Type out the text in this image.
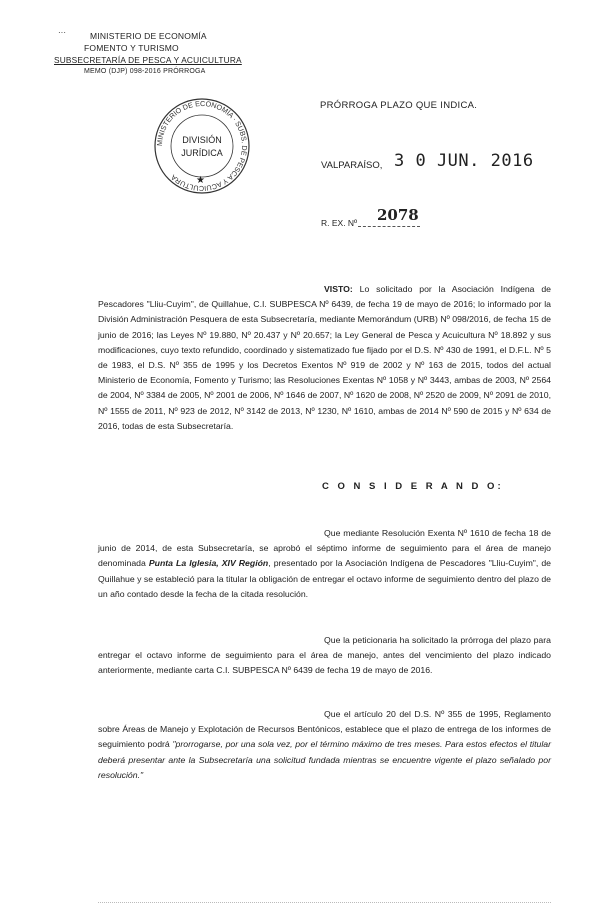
···	MINISTERIO DE ECONOMÍA
FOMENTO Y TURISMO
SUBSECRETARÍA DE PESCA Y ACUICULTURA
MEMO (DJP) 098-2016 PRÓRROGA
MINISTERIO DE ECONOMÍA · SUBS. DE PESCA Y ACUICULTURA
DIVISIÓN
JURÍDICA
★
PRÓRROGA PLAZO QUE INDICA.
VALPARAÍSO, 3 0 JUN. 2016
R. EX. Nº 2078
VISTO: Lo solicitado por la Asociación Indígena de Pescadores "Lliu-Cuyim", de Quillahue, C.I. SUBPESCA Nº 6439, de fecha 19 de mayo de 2016; lo informado por la División Administración Pesquera de esta Subsecretaría, mediante Memorándum (URB) Nº 098/2016, de fecha 15 de junio de 2016; las Leyes Nº 19.880, Nº 20.437 y Nº 20.657; la Ley General de Pesca y Acuicultura Nº 18.892 y sus modificaciones, cuyo texto refundido, coordinado y sistematizado fue fijado por el D.S. Nº 430 de 1991, el D.F.L. Nº 5 de 1983, el D.S. Nº 355 de 1995 y los Decretos Exentos Nº 919 de 2002 y Nº 163 de 2015, todos del actual Ministerio de Economía, Fomento y Turismo; las Resoluciones Exentas Nº 1058 y Nº 3443, ambas de 2003, Nº 2564 de 2004, Nº 3384 de 2005, Nº 2001 de 2006, Nº 1646 de 2007, Nº 1620 de 2008, Nº 2520 de 2009, Nº 2091 de 2010, Nº 1555 de 2011, Nº 923 de 2012, Nº 3142 de 2013, Nº 1230, Nº 1610, ambas de 2014 Nº 590 de 2015 y Nº 634 de 2016, todas de esta Subsecretaría.
C O N S I D E R A N D O:
Que mediante Resolución Exenta Nº 1610 de fecha 18 de junio de 2014, de esta Subsecretaría, se aprobó el séptimo informe de seguimiento para el área de manejo denominada Punta La Iglesia, XIV Región, presentado por la Asociación Indígena de Pescadores "Lliu-Cuyim", de Quillahue y se estableció para la titular la obligación de entregar el octavo informe de seguimiento dentro del plazo de un año contado desde la fecha de la citada resolución.
Que la peticionaria ha solicitado la prórroga del plazo para entregar el octavo informe de seguimiento para el área de manejo, antes del vencimiento del plazo indicado anteriormente, mediante carta C.I. SUBPESCA Nº 6439 de fecha 19 de mayo de 2016.
Que el artículo 20 del D.S. Nº 355 de 1995, Reglamento sobre Áreas de Manejo y Explotación de Recursos Bentónicos, establece que el plazo de entrega de los informes de seguimiento podrá "prorrogarse, por una sola vez, por el término máximo de tres meses. Para estos efectos el titular deberá presentar ante la Subsecretaría una solicitud fundada mientras se encuentre vigente el plazo señalado por resolución."
